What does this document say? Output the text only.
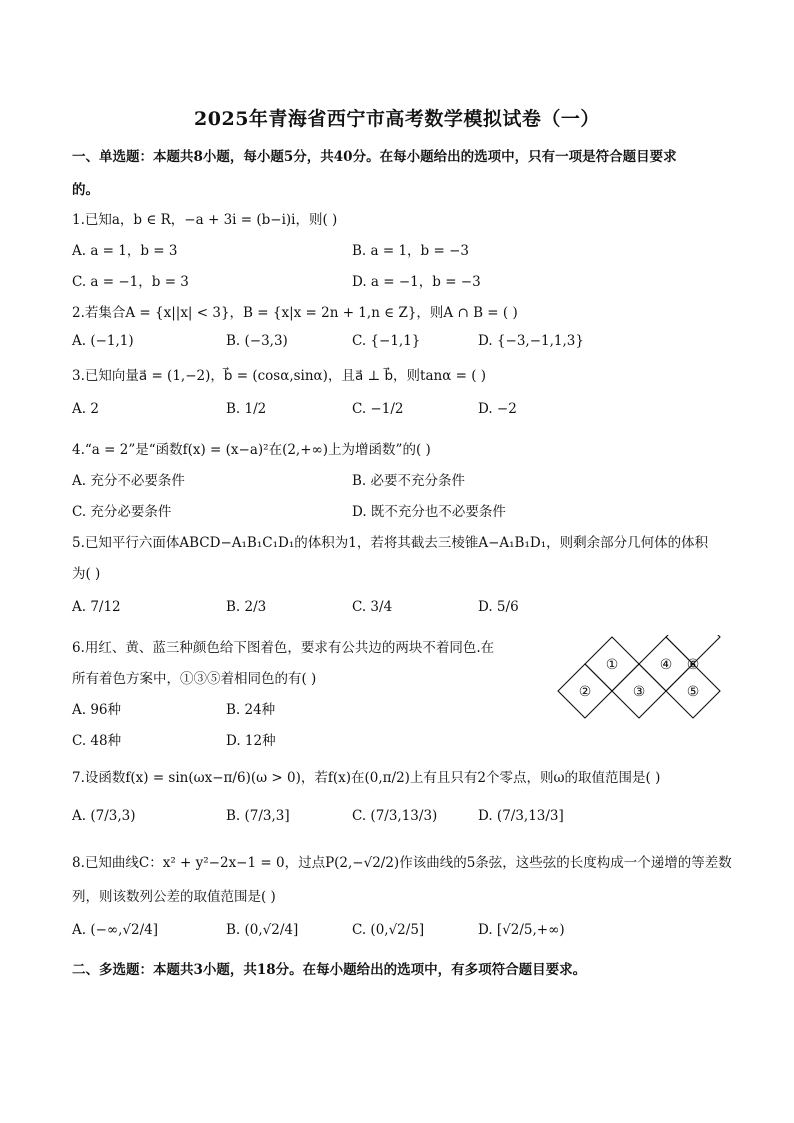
2025年青海省西宁市高考数学模拟试卷（一）
一、单选题：本题共8小题，每小题5分，共40分。在每小题给出的选项中，只有一项是符合题目要求
的。
1.已知a，b ∈ R，−a + 3i = (b−i)i，则( )
A. a = 1，b = 3	B. a = 1，b = −3
C. a = −1，b = 3	D. a = −1，b = −3
2.若集合A = {x||x| < 3}，B = {x|x = 2n + 1,n ∈ Z}，则A ∩ B = ( )
A. (−1,1)	B. (−3,3)	C. {−1,1}	D. {−3,−1,1,3}
3.已知向量a⃗ = (1,−2)，b⃗ = (cosα,sinα)，且a⃗ ⊥ b⃗，则tanα = ( )
A. 2	B. 1/2	C. −1/2	D. −2
4.“a = 2”是“函数f(x) = (x−a)²在(2,+∞)上为增函数”的( )
A. 充分不必要条件	B. 必要不充分条件
C. 充分必要条件	D. 既不充分也不必要条件
5.已知平行六面体ABCD−A₁B₁C₁D₁的体积为1，若将其截去三棱锥A−A₁B₁D₁，则剩余部分几何体的体积
为( )
A. 7/12	B. 2/3	C. 3/4	D. 5/6
6.用红、黄、蓝三种颜色给下图着色，要求有公共边的两块不着同色.在
所有着色方案中，①③⑤着相同色的有( )
A. 96种	B. 24种
C. 48种	D. 12种
②
①
③
④
⑤
⑥
7.设函数f(x) = sin(ωx−π/6)(ω > 0)，若f(x)在(0,π/2)上有且只有2个零点，则ω的取值范围是( )
A. (7/3,3)	B. (7/3,3]	C. (7/3,13/3)	D. (7/3,13/3]
8.已知曲线C：x² + y²−2x−1 = 0，过点P(2,−√2/2)作该曲线的5条弦，这些弦的长度构成一个递增的等差数
列，则该数列公差的取值范围是( )
A. (−∞,√2/4]	B. (0,√2/4]	C. (0,√2/5]	D. [√2/5,+∞)
二、多选题：本题共3小题，共18分。在每小题给出的选项中，有多项符合题目要求。
